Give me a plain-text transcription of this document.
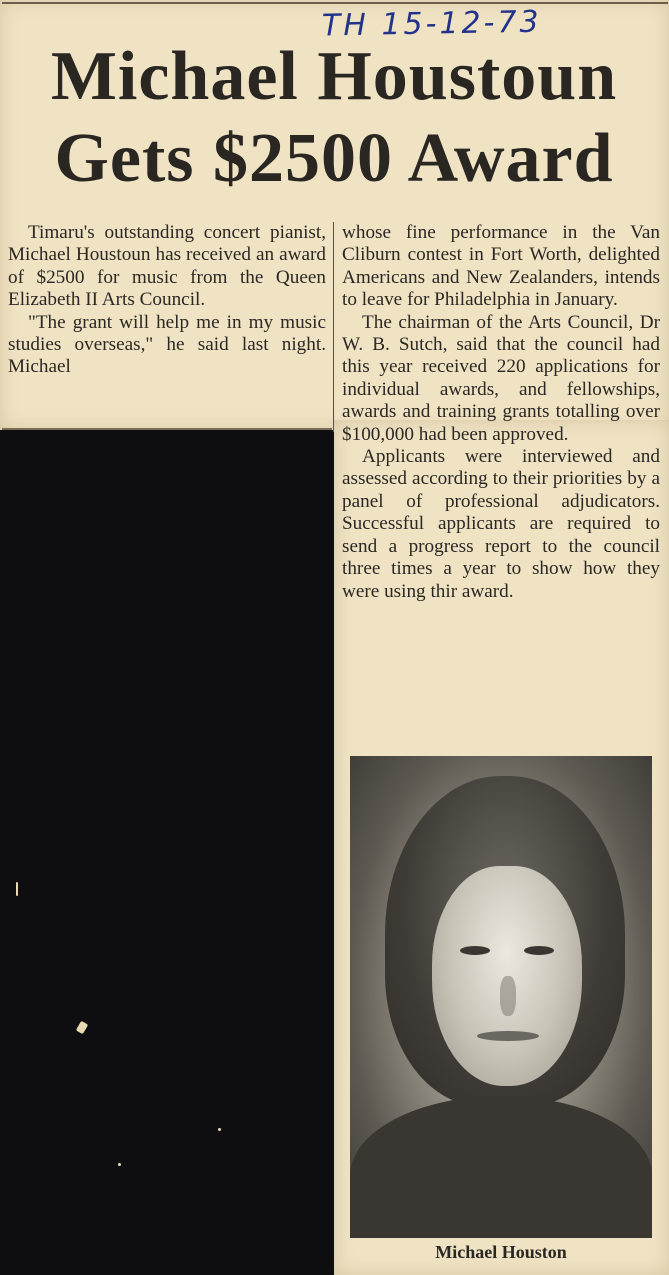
TH 15-12-73
Michael Houstoun Gets $2500 Award

Timaru's outstanding concert pianist, Michael Houstoun has received an award of $2500 for music from the Queen Elizabeth II Arts Council.

"The grant will help me in my music studies overseas," he said last night. Michael

whose fine performance in the Van Cliburn contest in Fort Worth, delighted Americans and New Zealanders, intends to leave for Philadelphia in January.

The chairman of the Arts Council, Dr W. B. Sutch, said that the council had this year received 220 applications for individual awards, and fellowships, awards and training grants totalling over $100,000 had been approved.

Applicants were interviewed and assessed according to their priorities by a panel of professional adjudicators. Successful applicants are required to send a progress report to the council three times a year to show how they were using thir award.

Michael Houston
